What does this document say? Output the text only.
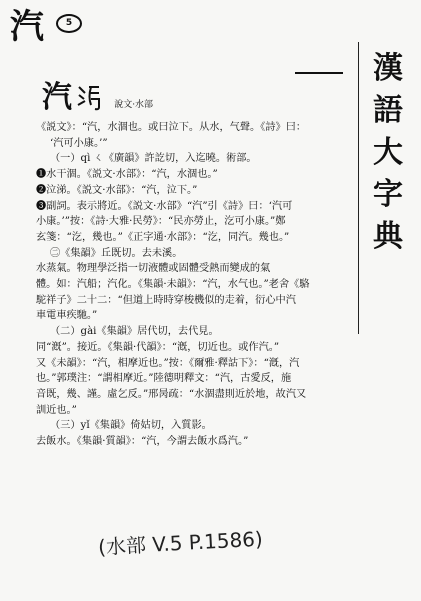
汽	5
汽	說文·水部
漢
語
大
字
典
《説文》：“汽，水涸也。或曰泣下。从水，气聲。《詩》曰：
‘汽可小康。’”
（一）qì ㄑ《廣韻》許訖切，入迄曉。術部。
❶水干涸。《説文·水部》：“汽，水涸也。”
❷泣涕。《説文·水部》：“汽，泣下。”
❸副詞。表示將近。《説文·水部》“汽”引《詩》曰：‘汽可
小康。’”按：《詩·大雅·民勞》：“民亦勞止，汔可小康。”鄭
玄箋：“汔，幾也。”《正字通·水部》：“汔，同汽。幾也。”
㊁《集韻》丘既切。去未溪。
水蒸氣。物理學泛指一切液體或固體受熱而變成的氣
體。如：汽船；汽化。《集韻·未韻》：“汽，水气也。”老舍《駱
駝祥子》二十二：“但道上時時穿梭機似的走着，衍心中汽
車電車疾馳。”
（二）gài《集韻》居代切，去代見。
同“漑”。接近。《集韻·代韻》：“漑，切近也。或作汽。”
又《未韻》：“汽，相摩近也。”按：《爾雅·釋詁下》：“漑，汽
也。”郭璞注：“謂相摩近。”陸德明釋文：“汽，古愛反，施
音既，幾、謹。虛乞反。”邢昺疏：“水涸盡則近於地，故汽又
訓近也。”
（三）yǐ《集韻》倚姑切，入質影。
去飯水。《集韻·質韻》：“汽，今謂去飯水爲汽。”
(水部 V.5 P.1586)
